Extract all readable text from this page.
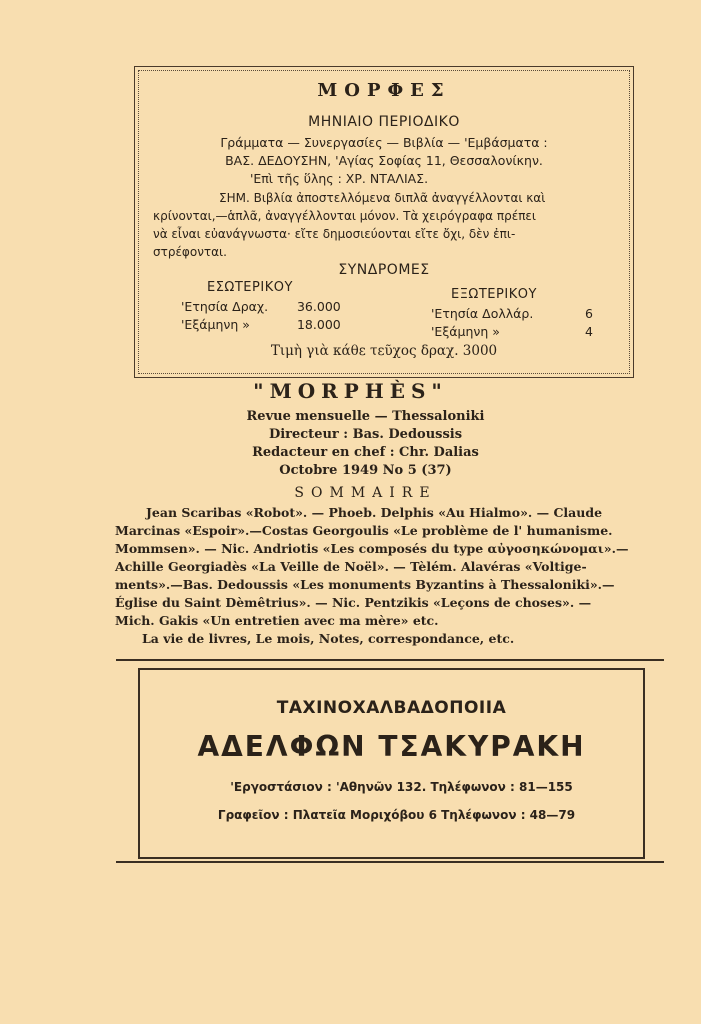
ΜΟΡΦΕΣ
ΜΗΝΙΑΙΟ ΠΕΡΙΟΔΙΚΟ
Γράμματα — Συνεργασίες — Βιβλία — 'Εμβάσματα :
ΒΑΣ. ΔΕΔΟΥΣΗΝ, 'Αγίας Σοφίας 11, Θεσσαλονίκην.
'Επὶ τῆς ὕλης : ΧΡ. ΝΤΑΛΙΑΣ.
ΣΗΜ. Βιβλία ἀποστελλόμενα διπλᾶ ἀναγγέλλονται καὶ
κρίνονται,—ἁπλᾶ, ἀναγγέλλονται μόνον. Τὰ χειρόγραφα πρέπει
νὰ εἶναι εὐανάγνωστα· εἴτε δημοσιεύονται εἴτε ὄχι, δὲν ἐπι-
στρέφονται.
ΣΥΝΔΡΟΜΕΣ
ΕΣΩΤΕΡΙΚΟΥ
'Ετησία Δραχ. 36.000
'Εξάμηνη »	18.000
ΕΞΩΤΕΡΙΚΟΥ
'Ετησία Δολλάρ.	6
'Εξάμηνη »	4
Τιμὴ γιὰ κάθε τεῦχος δραχ. 3000
"MORPHÈS"
Revue mensuelle — Thessaloniki
Directeur : Bas. Dedoussis
Redacteur en chef : Chr. Dalias
Octobre 1949 No 5 (37)
SOMMAIRE
Jean Scaribas «Robot». — Phoeb. Delphis «Au Hialmo». — Claude
Marcinas «Espoir».—Costas Georgoulis «Le problème de l' humanisme.
Mommsen». — Nic. Andriotis «Les composés du type αὐγοσηκώνομαι».—
Achille Georgiadès «La Veille de Noël». — Tèlém. Alavéras «Voltige-
ments».—Bas. Dedoussis «Les monuments Byzantins à Thessaloniki».—
Église du Saint Dèmêtrius». — Nic. Pentzikis «Leçons de choses». —
Mich. Gakis «Un entretien avec ma mère» etc.
La vie de livres, Le mois, Notes, correspondance, etc.
ΤΑΧΙΝΟΧΑΛΒΑΔΟΠΟΙΙΑ
ΑΔΕΛΦΩΝ ΤΣΑΚΥΡΑΚΗ
'Εργοστάσιον : 'Αθηνῶν 132. Τηλέφωνον : 81—155
Γραφεῖον : Πλατεῖα Μοριχόβου 6 Τηλέφωνον : 48—79
